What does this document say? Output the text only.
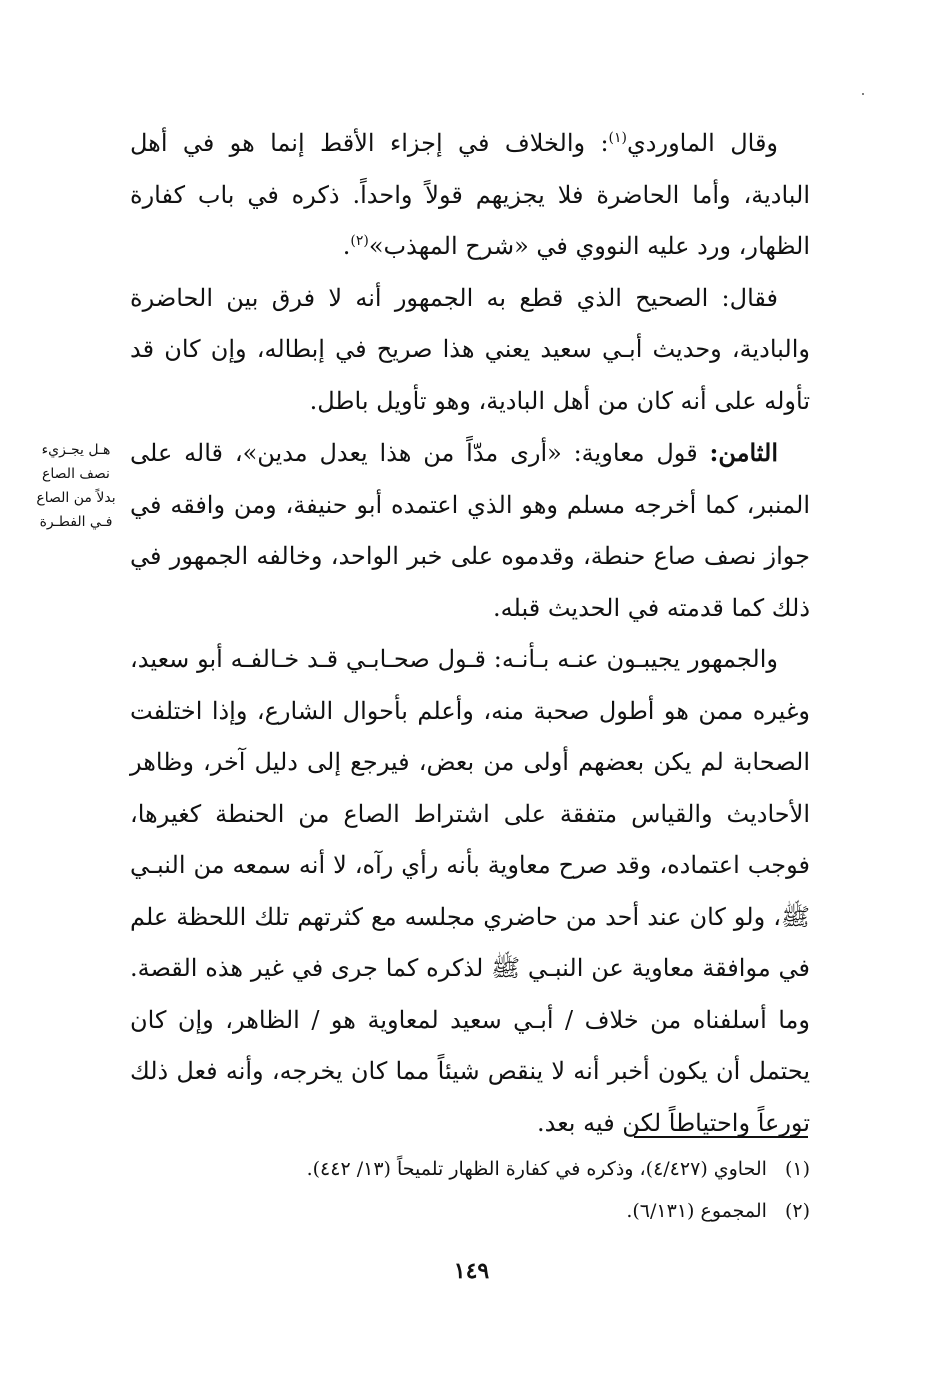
وقال الماوردي$^{(١)}$: والخلاف في إجزاء الأقط إنما هو في أهل البادية، وأما الحاضرة فلا يجزيهم قولاً واحداً. ذكره في باب كفارة الظهار، ورد عليه النووي في «شرح المهذب»$^{(٢)}$.

فقال: الصحيح الذي قطع به الجمهور أنه لا فرق بين الحاضرة والبادية، وحديث أبـي سعيد يعني هذا صريح في إبطاله، وإن كان قد تأوله على أنه كان من أهل البادية، وهو تأويل باطل.

الثامن: قول معاوية: «أرى مدّاً من هذا يعدل مدين»، قاله على المنبر، كما أخرجه مسلم وهو الذي اعتمده أبو حنيفة، ومن وافقه في جواز نصف صاع حنطة، وقدموه على خبر الواحد، وخالفه الجمهور في ذلك كما قدمته في الحديث قبله.

والجمهور يجيبـون عنـه بـأنـه: قـول صحـابـي قـد خـالفـه أبو سعيد، وغيره ممن هو أطول صحبة منه، وأعلم بأحوال الشارع، وإذا اختلفت الصحابة لم يكن بعضهم أولى من بعض، فيرجع إلى دليل آخر، وظاهر الأحاديث والقياس متفقة على اشتراط الصاع من الحنطة كغيرها، فوجب اعتماده، وقد صرح معاوية بأنه رأي رآه، لا أنه سمعه من النبـي ﷺ، ولو كان عند أحد من حاضري مجلسه مع كثرتهم تلك اللحظة علم في موافقة معاوية عن النبـي ﷺ لذكره كما جرى في غير هذه القصة. وما أسلفناه من خلاف / أبـي سعيد لمعاوية هو / الظاهر، وإن كان يحتمل أن يكون أخبر أنه لا ينقص شيئاً مما كان يخرجه، وأنه فعل ذلك تورعاً واحتياطاً لكن فيه بعد.

هـل يجـزيء
نصف الصاع
بدلاً من الصاع
فـي الفطـرة

(١)الحاوي (٤/٤٢٧)، وذكره في كفارة الظهار تلميحاً (١٣/ ٤٤٢).

(٢)المجموع (٦/١٣١).

١٤٩
